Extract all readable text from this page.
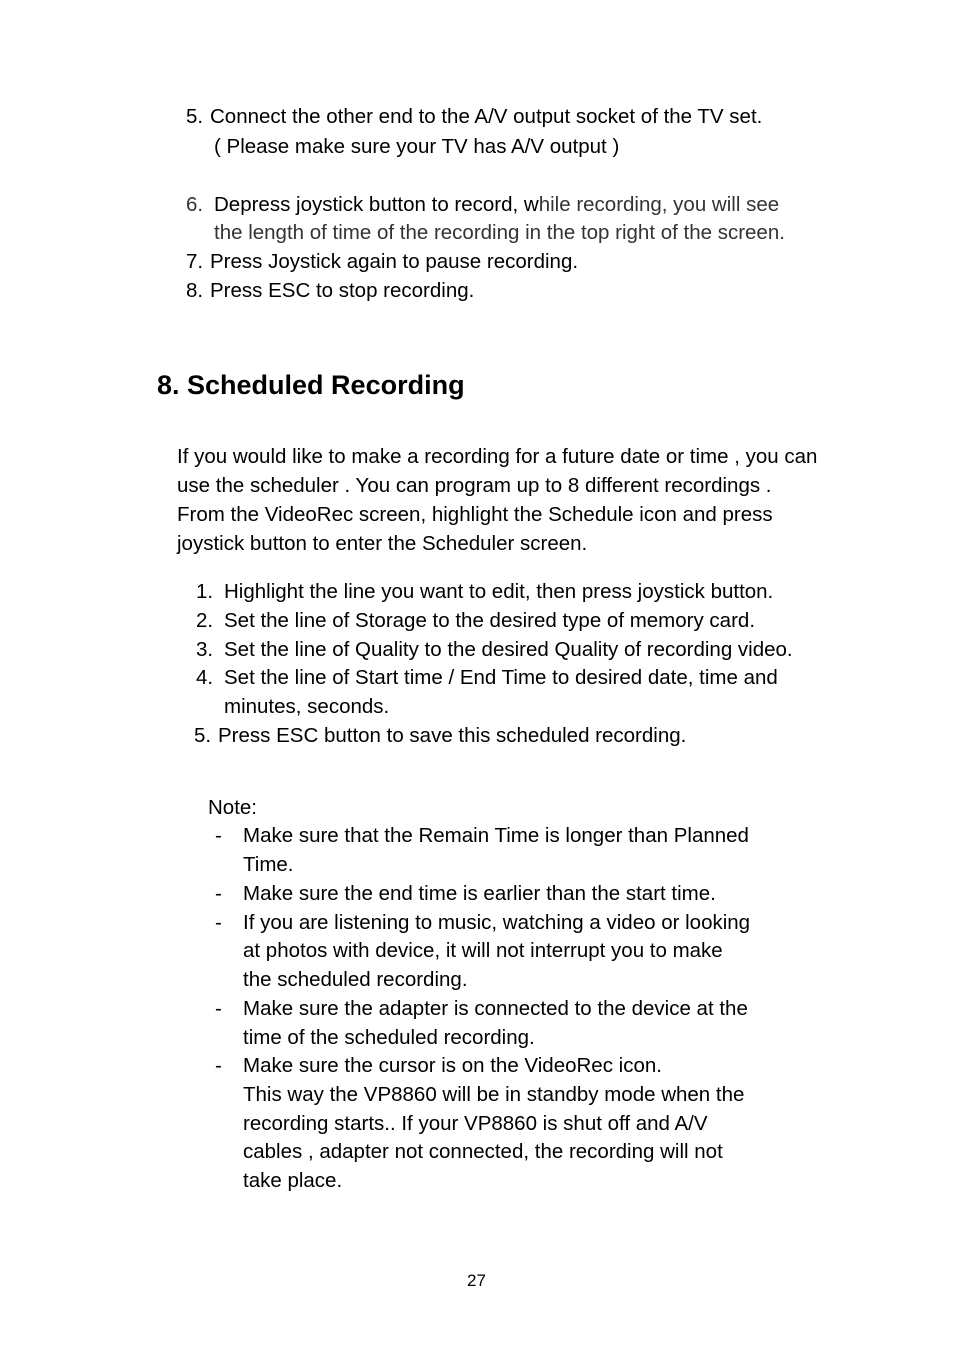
5. Connect the other end to the A/V output socket of the TV set.
( Please make sure your TV has A/V output )
6. Depress joystick button to record, while recording, you will see
the length of time of the recording in the top right of the screen.
7. Press Joystick again to pause recording.
8. Press ESC to stop recording.
8. Scheduled Recording
If you would like to make a recording for a future date or time , you can
use the scheduler . You can program up to 8 different recordings .
From the VideoRec screen, highlight the Schedule icon and press
joystick button to enter the Scheduler screen.
1. Highlight the line you want to edit, then press joystick button.
2. Set the line of Storage to the desired type of memory card.
3. Set the line of Quality to the desired Quality of recording video.
4. Set the line of Start time / End Time to desired date, time and
minutes, seconds.
5. Press ESC button to save this scheduled recording.
Note:
- Make sure that the Remain Time is longer than Planned
Time.
- Make sure the end time is earlier than the start time.
- If you are listening to music, watching a video or looking
at photos with device, it will not interrupt you to make
the scheduled recording.
- Make sure the adapter is connected to the device at the
time of the scheduled recording.
- Make sure the cursor is on the VideoRec icon.
This way the VP8860 will be in standby mode when the
recording starts.. If your VP8860 is shut off and A/V
cables , adapter not connected, the recording will not
take place.
27
